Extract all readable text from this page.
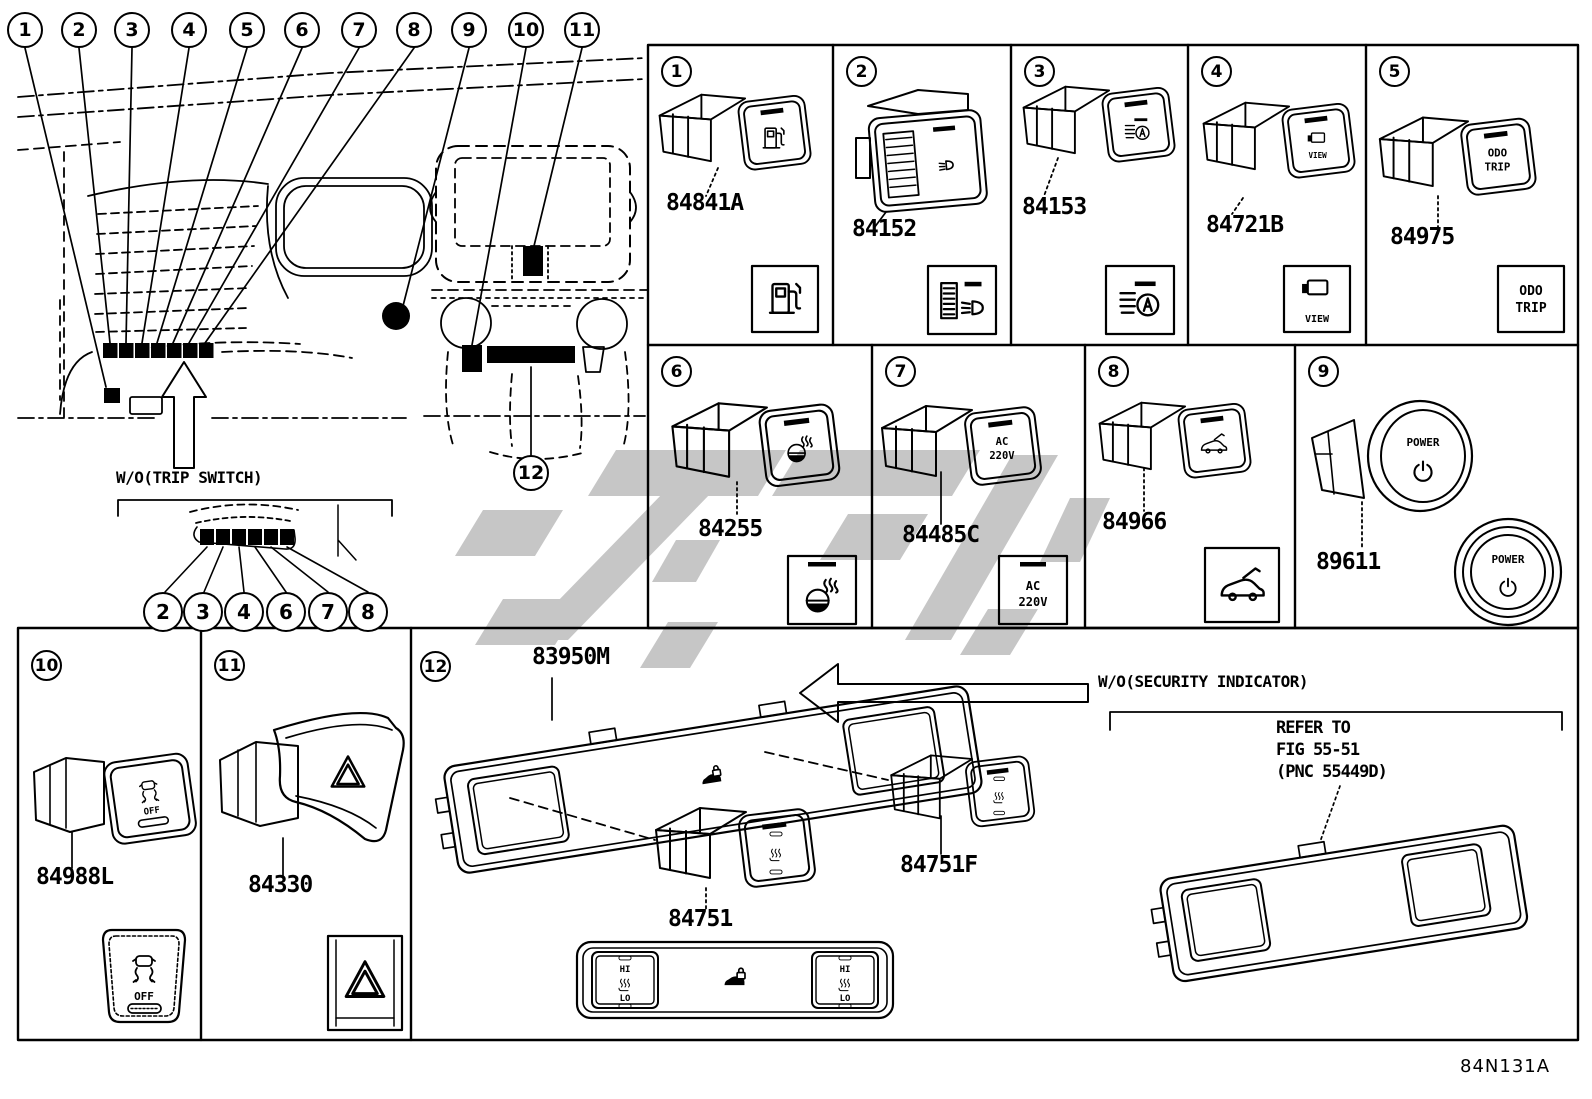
VIEW	ODO
TRIP
AC
220V
POWER
VIEW
ODO
TRIP
AC
220V
POWER
OFF
OFF
HI
LO
HI
LO
1 2 3 4 5 6 7 8 9 10 11
12
2 3 4 6 7 8
1	2	3	4	5
6	7	8	9
10	11	12
84841A
84152
84153
84721B	84975
84255	84485C	84966
89611
84988L	84330
83950M
84751
84751F
W/O(TRIP SWITCH)
W/O(SECURITY INDICATOR)
REFER TO
FIG 55-51
(PNC 55449D)
84N131A
